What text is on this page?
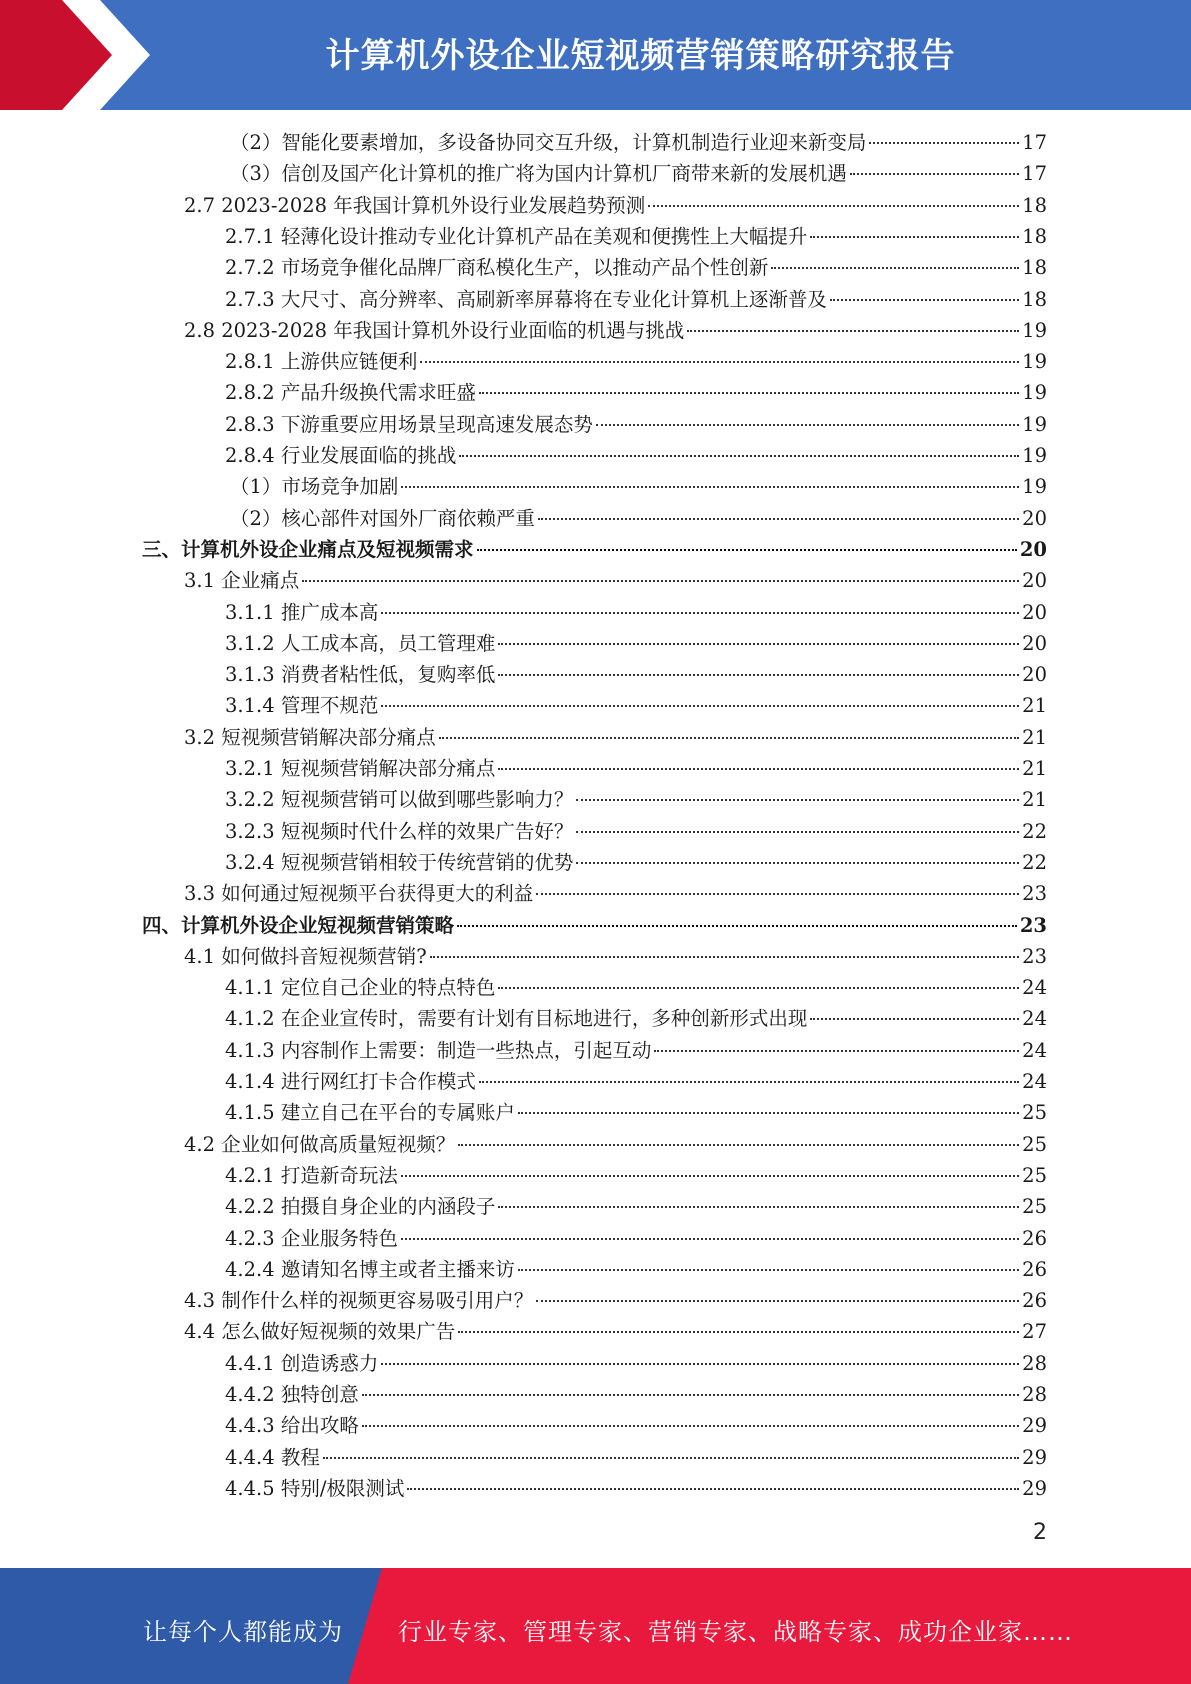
计算机外设企业短视频营销策略研究报告
（2）智能化要素增加，多设备协同交互升级，计算机制造行业迎来新变局	17
（3）信创及国产化计算机的推广将为国内计算机厂商带来新的发展机遇	17
2.7 2023-2028 年我国计算机外设行业发展趋势预测	18
2.7.1 轻薄化设计推动专业化计算机产品在美观和便携性上大幅提升	18
2.7.2 市场竞争催化品牌厂商私模化生产，以推动产品个性创新	18
2.7.3 大尺寸、高分辨率、高刷新率屏幕将在专业化计算机上逐渐普及	18
2.8 2023-2028 年我国计算机外设行业面临的机遇与挑战	19
2.8.1 上游供应链便利	19
2.8.2 产品升级换代需求旺盛	19
2.8.3 下游重要应用场景呈现高速发展态势	19
2.8.4 行业发展面临的挑战	19
（1）市场竞争加剧	19
（2）核心部件对国外厂商依赖严重	20
三、计算机外设企业痛点及短视频需求	20
3.1 企业痛点	20
3.1.1 推广成本高	20
3.1.2 人工成本高，员工管理难	20
3.1.3 消费者粘性低，复购率低	20
3.1.4 管理不规范	21
3.2 短视频营销解决部分痛点	21
3.2.1 短视频营销解决部分痛点	21
3.2.2 短视频营销可以做到哪些影响力？	21
3.2.3 短视频时代什么样的效果广告好？	22
3.2.4 短视频营销相较于传统营销的优势	22
3.3 如何通过短视频平台获得更大的利益	23
四、计算机外设企业短视频营销策略	23
4.1 如何做抖音短视频营销?	23
4.1.1 定位自己企业的特点特色	24
4.1.2 在企业宣传时，需要有计划有目标地进行，多种创新形式出现	24
4.1.3 内容制作上需要：制造一些热点，引起互动	24
4.1.4 进行网红打卡合作模式	24
4.1.5 建立自己在平台的专属账户	25
4.2 企业如何做高质量短视频？	25
4.2.1 打造新奇玩法	25
4.2.2 拍摄自身企业的内涵段子	25
4.2.3 企业服务特色	26
4.2.4 邀请知名博主或者主播来访	26
4.3 制作什么样的视频更容易吸引用户？	26
4.4 怎么做好短视频的效果广告	27
4.4.1 创造诱惑力	28
4.4.2 独特创意	28
4.4.3 给出攻略	29
4.4.4 教程	29
4.4.5 特别/极限测试	29
2
让每个人都能成为 行业专家、管理专家、营销专家、战略专家、成功企业家……
